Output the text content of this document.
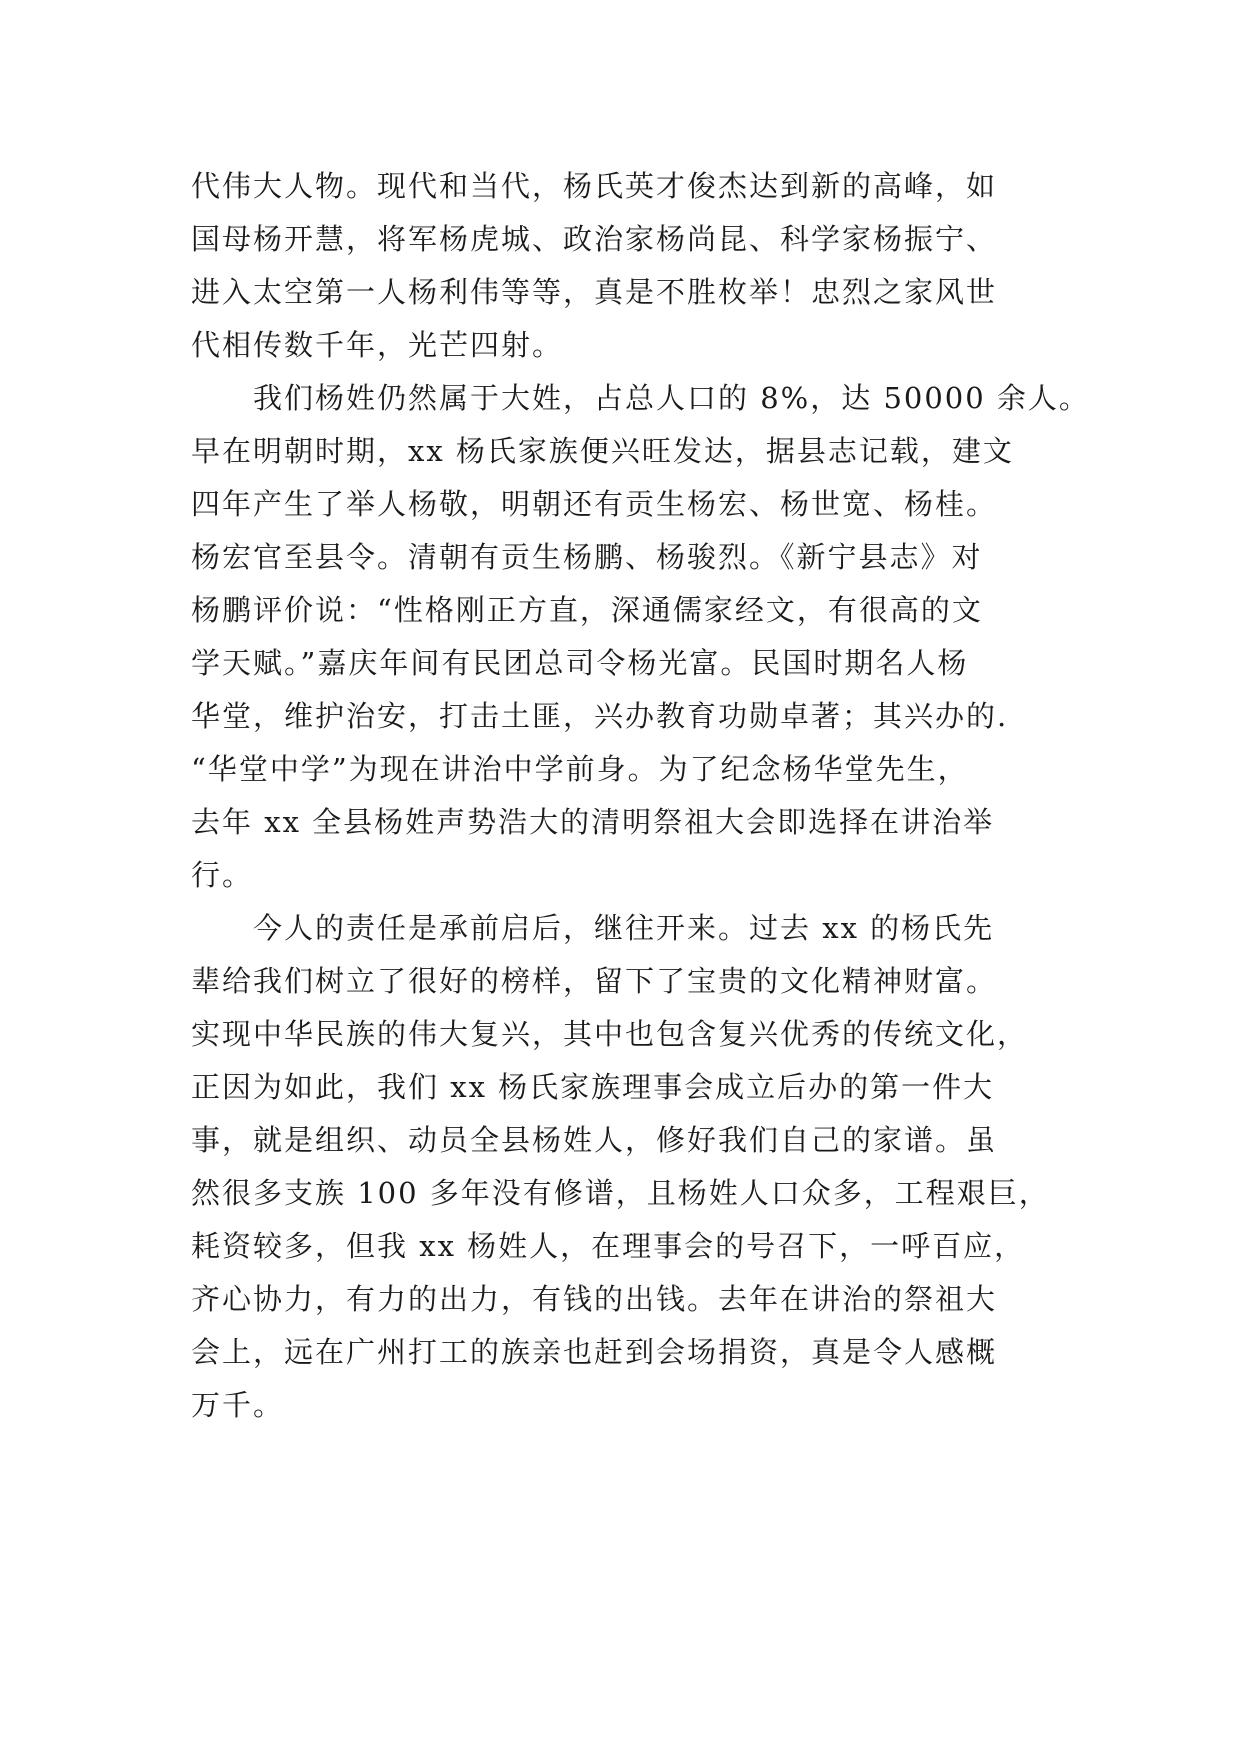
代伟大人物。现代和当代，杨氏英才俊杰达到新的高峰，如
国母杨开慧，将军杨虎城、政治家杨尚昆、科学家杨振宁、
进入太空第一人杨利伟等等，真是不胜枚举！忠烈之家风世
代相传数千年，光芒四射。
　　我们杨姓仍然属于大姓，占总人口的 8%，达 50000 余人。
早在明朝时期，xx 杨氏家族便兴旺发达，据县志记载，建文
四年产生了举人杨敬，明朝还有贡生杨宏、杨世宽、杨桂。
杨宏官至县令。清朝有贡生杨鹏、杨骏烈。《新宁县志》对
杨鹏评价说：“性格刚正方直，深通儒家经文，有很高的文
学天赋。”嘉庆年间有民团总司令杨光富。民国时期名人杨
华堂，维护治安，打击土匪，兴办教育功勋卓著；其兴办的.
“华堂中学”为现在讲治中学前身。为了纪念杨华堂先生，
去年 xx 全县杨姓声势浩大的清明祭祖大会即选择在讲治举
行。
　　今人的责任是承前启后，继往开来。过去 xx 的杨氏先
辈给我们树立了很好的榜样，留下了宝贵的文化精神财富。
实现中华民族的伟大复兴，其中也包含复兴优秀的传统文化，
正因为如此，我们 xx 杨氏家族理事会成立后办的第一件大
事，就是组织、动员全县杨姓人，修好我们自己的家谱。虽
然很多支族 100 多年没有修谱，且杨姓人口众多，工程艰巨，
耗资较多，但我 xx 杨姓人，在理事会的号召下，一呼百应，
齐心协力，有力的出力，有钱的出钱。去年在讲治的祭祖大
会上，远在广州打工的族亲也赶到会场捐资，真是令人感概
万千。
